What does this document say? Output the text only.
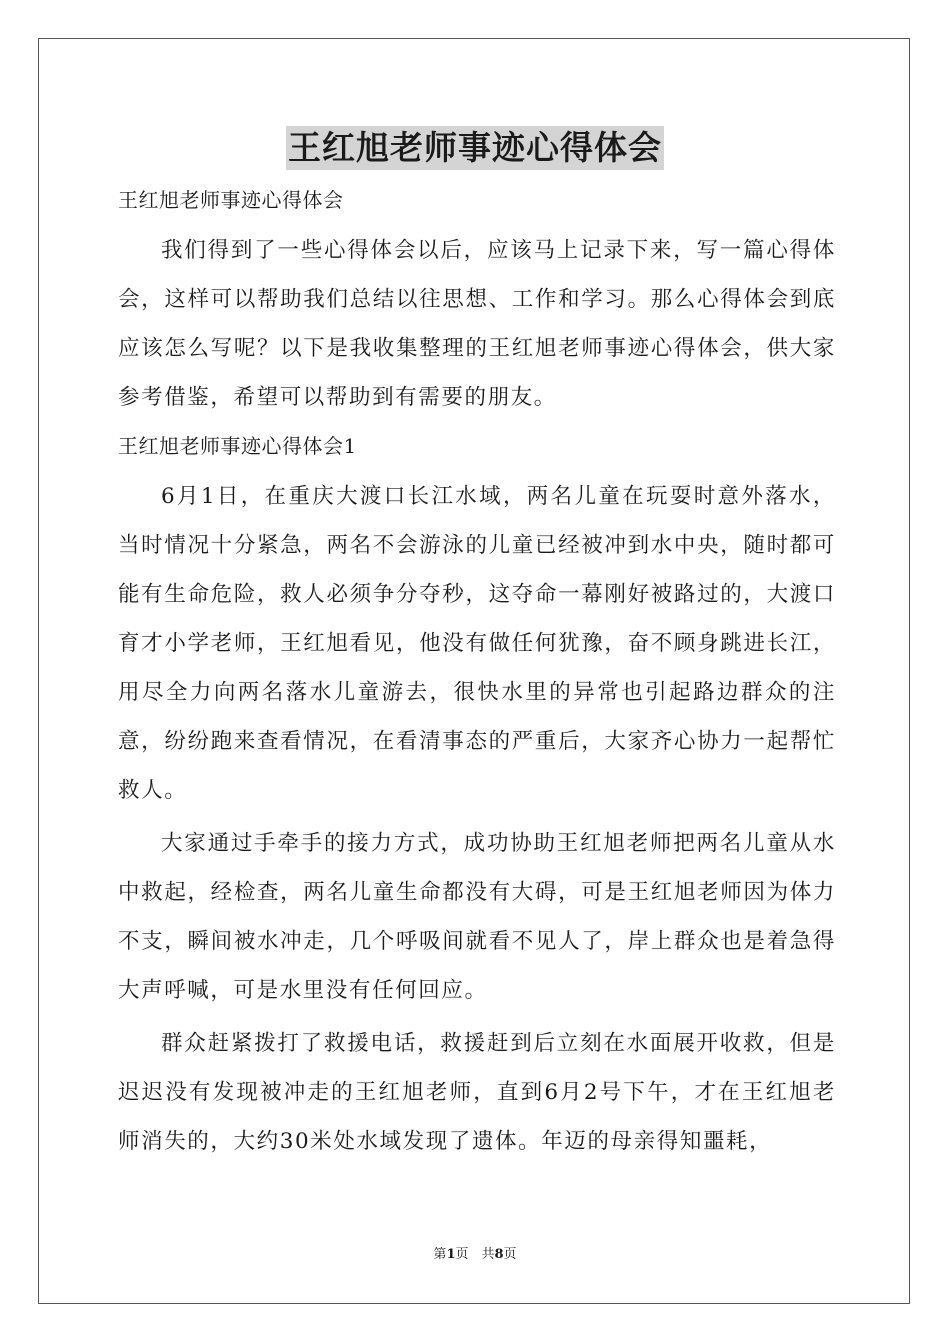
王红旭老师事迹心得体会

王红旭老师事迹心得体会

我们得到了一些心得体会以后，应该马上记录下来，写一篇心得体会，这样可以帮助我们总结以往思想、工作和学习。那么心得体会到底应该怎么写呢？以下是我收集整理的王红旭老师事迹心得体会，供大家参考借鉴，希望可以帮助到有需要的朋友。

王红旭老师事迹心得体会1

6月1日，在重庆大渡口长江水域，两名儿童在玩耍时意外落水，当时情况十分紧急，两名不会游泳的儿童已经被冲到水中央，随时都可能有生命危险，救人必须争分夺秒，这夺命一幕刚好被路过的，大渡口育才小学老师，王红旭看见，他没有做任何犹豫，奋不顾身跳进长江，用尽全力向两名落水儿童游去，很快水里的异常也引起路边群众的注意，纷纷跑来查看情况，在看清事态的严重后，大家齐心协力一起帮忙救人。

大家通过手牵手的接力方式，成功协助王红旭老师把两名儿童从水中救起，经检查，两名儿童生命都没有大碍，可是王红旭老师因为体力不支，瞬间被水冲走，几个呼吸间就看不见人了，岸上群众也是着急得大声呼喊，可是水里没有任何回应。

群众赶紧拨打了救援电话，救援赶到后立刻在水面展开收救，但是迟迟没有发现被冲走的王红旭老师，直到6月2号下午，才在王红旭老师消失的，大约30米处水域发现了遗体。年迈的母亲得知噩耗，

第1页　共8页
